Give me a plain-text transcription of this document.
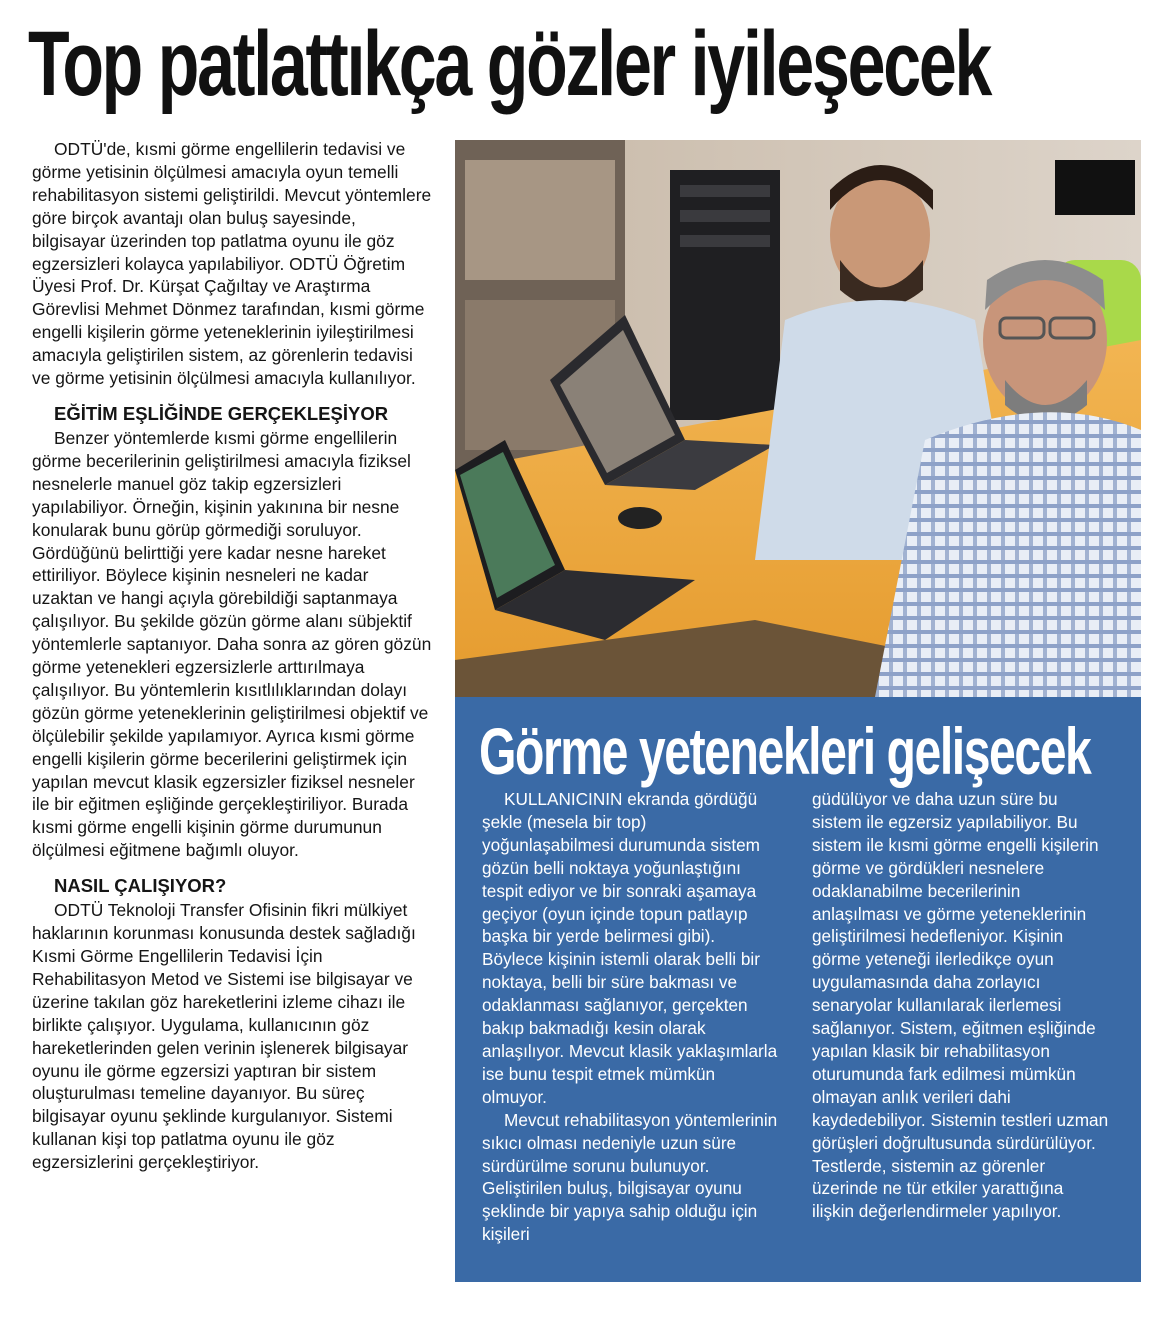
Top patlattıkça gözler iyileşecek

ODTÜ'de, kısmi görme engellilerin tedavisi ve görme yetisinin ölçülmesi amacıyla oyun temelli rehabilitasyon sistemi geliştirildi. Mevcut yöntemlere göre birçok avantajı olan buluş sayesinde, bilgisayar üzerinden top patlatma oyunu ile göz egzersizleri kolayca yapılabiliyor. ODTÜ Öğretim Üyesi Prof. Dr. Kürşat Çağıltay ve Araştırma Görevlisi Mehmet Dönmez tarafından, kısmi görme engelli kişilerin görme yeteneklerinin iyileştirilmesi amacıyla geliştirilen sistem, az görenlerin tedavisi ve görme yetisinin ölçülmesi amacıyla kullanılıyor.

EĞİTİM EŞLİĞİNDE GERÇEKLEŞİYOR

Benzer yöntemlerde kısmi görme engellilerin görme becerilerinin geliştirilmesi amacıyla fiziksel nesnelerle manuel göz takip egzersizleri yapılabiliyor. Örneğin, kişinin yakınına bir nesne konularak bunu görüp görmediği soruluyor. Gördüğünü belirttiği yere kadar nesne hareket ettiriliyor. Böylece kişinin nesneleri ne kadar uzaktan ve hangi açıyla görebildiği saptanmaya çalışılıyor. Bu şekilde gözün görme alanı sübjektif yöntemlerle saptanıyor. Daha sonra az gören gözün görme yetenekleri egzersizlerle arttırılmaya çalışılıyor. Bu yöntemlerin kısıtlılıklarından dolayı gözün görme yeteneklerinin geliştirilmesi objektif ve ölçülebilir şekilde yapılamıyor. Ayrıca kısmi görme engelli kişilerin görme becerilerini geliştirmek için yapılan mevcut klasik egzersizler fiziksel nesneler ile bir eğitmen eşliğinde gerçekleştiriliyor. Burada kısmi görme engelli kişinin görme durumunun ölçülmesi eğitmene bağımlı oluyor.

NASIL ÇALIŞIYOR?

ODTÜ Teknoloji Transfer Ofisinin fikri mülkiyet haklarının korunması konusunda destek sağladığı Kısmi Görme Engellilerin Tedavisi İçin Rehabilitasyon Metod ve Sistemi ise bilgisayar ve üzerine takılan göz hareketlerini izleme cihazı ile birlikte çalışıyor. Uygulama, kullanıcının göz hareketlerinden gelen verinin işlenerek bilgisayar oyunu ile görme egzersizi yaptıran bir sistem oluşturulması temeline dayanıyor. Bu süreç bilgisayar oyunu şeklinde kurgulanıyor. Sistemi kullanan kişi top patlatma oyunu ile göz egzersizlerini gerçekleştiriyor.

Görme yetenekleri gelişecek

KULLANICININ ekranda gördüğü şekle (mesela bir top) yoğunlaşabilmesi durumunda sistem gözün belli noktaya yoğunlaştığını tespit ediyor ve bir sonraki aşamaya geçiyor (oyun içinde topun patlayıp başka bir yerde belirmesi gibi). Böylece kişinin istemli olarak belli bir noktaya, belli bir süre bakması ve odaklanması sağlanıyor, gerçekten bakıp bakmadığı kesin olarak anlaşılıyor. Mevcut klasik yaklaşımlarla ise bunu tespit etmek mümkün olmuyor.

Mevcut rehabilitasyon yöntemlerinin sıkıcı olması nedeniyle uzun süre sürdürülme sorunu bulunuyor. Geliştirilen buluş, bilgisayar oyunu şeklinde bir yapıya sahip olduğu için kişileri

güdülüyor ve daha uzun süre bu sistem ile egzersiz yapılabiliyor. Bu sistem ile kısmi görme engelli kişilerin görme ve gördükleri nesnelere odaklanabilme becerilerinin anlaşılması ve görme yeteneklerinin geliştirilmesi hedefleniyor. Kişinin görme yeteneği ilerledikçe oyun uygulamasında daha zorlayıcı senaryolar kullanılarak ilerlemesi sağlanıyor. Sistem, eğitmen eşliğinde yapılan klasik bir rehabilitasyon oturumunda fark edilmesi mümkün olmayan anlık verileri dahi kaydedebiliyor. Sistemin testleri uzman görüşleri doğrultusunda sürdürülüyor. Testlerde, sistemin az görenler üzerinde ne tür etkiler yarattığına ilişkin değerlendirmeler yapılıyor.
